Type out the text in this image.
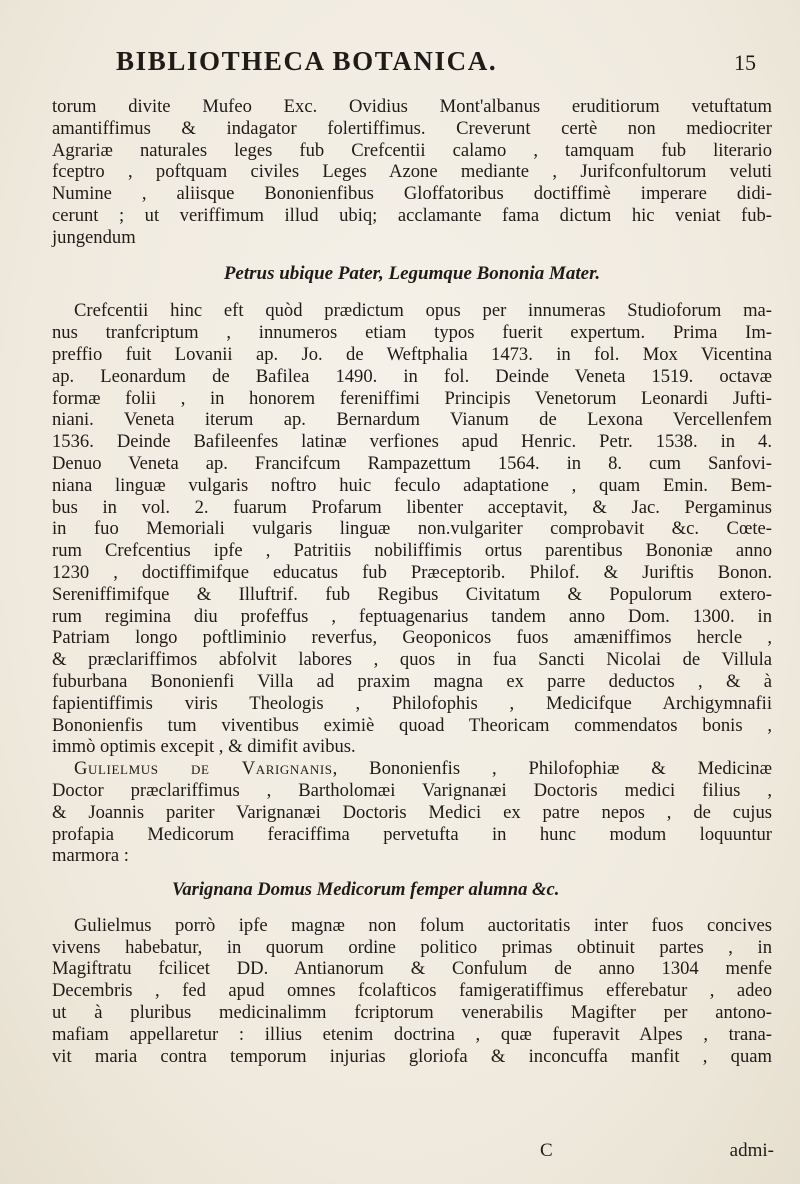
BIBLIOTHECA BOTANICA.	15
torum divite Mufeo Exc. Ovidius Mont'albanus eruditiorum vetuftatum
amantiffimus & indagator folertiffimus. Creverunt certè non mediocriter
Agrariæ naturales leges fub Crefcentii calamo , tamquam fub literario
fceptro , poftquam civiles Leges Azone mediante , Jurifconfultorum veluti
Numine , aliisque Bononienfibus Gloffatoribus doctiffimè imperare didi-
cerunt ; ut veriffimum illud ubiq; acclamante fama dictum hic veniat fub-
jungendum
Petrus ubique Pater, Legumque Bononia Mater.
Crefcentii hinc eft quòd prædictum opus per innumeras Studioforum ma-
nus tranfcriptum , innumeros etiam typos fuerit expertum. Prima Im-
preffio fuit Lovanii ap. Jo. de Weftphalia 1473. in fol. Mox Vicentina
ap. Leonardum de Bafilea 1490. in fol. Deinde Veneta 1519. octavæ
formæ folii , in honorem fereniffimi Principis Venetorum Leonardi Jufti-
niani. Veneta iterum ap. Bernardum Vianum de Lexona Vercellenfem
1536. Deinde Bafileenfes latinæ verfiones apud Henric. Petr. 1538. in 4.
Denuo Veneta ap. Francifcum Rampazettum 1564. in 8. cum Sanfovi-
niana linguæ vulgaris noftro huic feculo adaptatione , quam Emin. Bem-
bus in vol. 2. fuarum Profarum libenter acceptavit, & Jac. Pergaminus
in fuo Memoriali vulgaris linguæ non.vulgariter comprobavit &c. Cœte-
rum Crefcentius ipfe , Patritiis nobiliffimis ortus parentibus Bononiæ anno
1230 , doctiffimifque educatus fub Præceptorib. Philof. & Juriftis Bonon.
Sereniffimifque & Illuftrif. fub Regibus Civitatum & Populorum extero-
rum regimina diu profeffus , feptuagenarius tandem anno Dom. 1300. in
Patriam longo poftliminio reverfus, Geoponicos fuos amæniffimos hercle ,
& præclariffimos abfolvit labores , quos in fua Sancti Nicolai de Villula
fuburbana Bononienfi Villa ad praxim magna ex parre deductos , & à
fapientiffimis viris Theologis , Philofophis , Medicifque Archigymnafii
Bononienfis tum viventibus eximiè quoad Theoricam commendatos bonis ,
immò optimis excepit , & dimifit avibus.
Gulielmus de Varignanis, Bononienfis , Philofophiæ & Medicinæ
Doctor præclariffimus , Bartholomæi Varignanæi Doctoris medici filius ,
& Joannis pariter Varignanæi Doctoris Medici ex patre nepos , de cujus
profapia Medicorum feraciffima pervetufta in hunc modum loquuntur
marmora :
Varignana Domus Medicorum femper alumna &c.
Gulielmus porrò ipfe magnæ non folum auctoritatis inter fuos concives
vivens habebatur, in quorum ordine politico primas obtinuit partes , in
Magiftratu fcilicet DD. Antianorum & Confulum de anno 1304 menfe
Decembris , fed apud omnes fcolafticos famigeratiffimus efferebatur , adeo
ut à pluribus medicinalimm fcriptorum venerabilis Magifter per antono-
mafiam appellaretur : illius etenim doctrina , quæ fuperavit Alpes , trana-
vit maria contra temporum injurias gloriofa & inconcuffa manfit , quam
C	admi-
